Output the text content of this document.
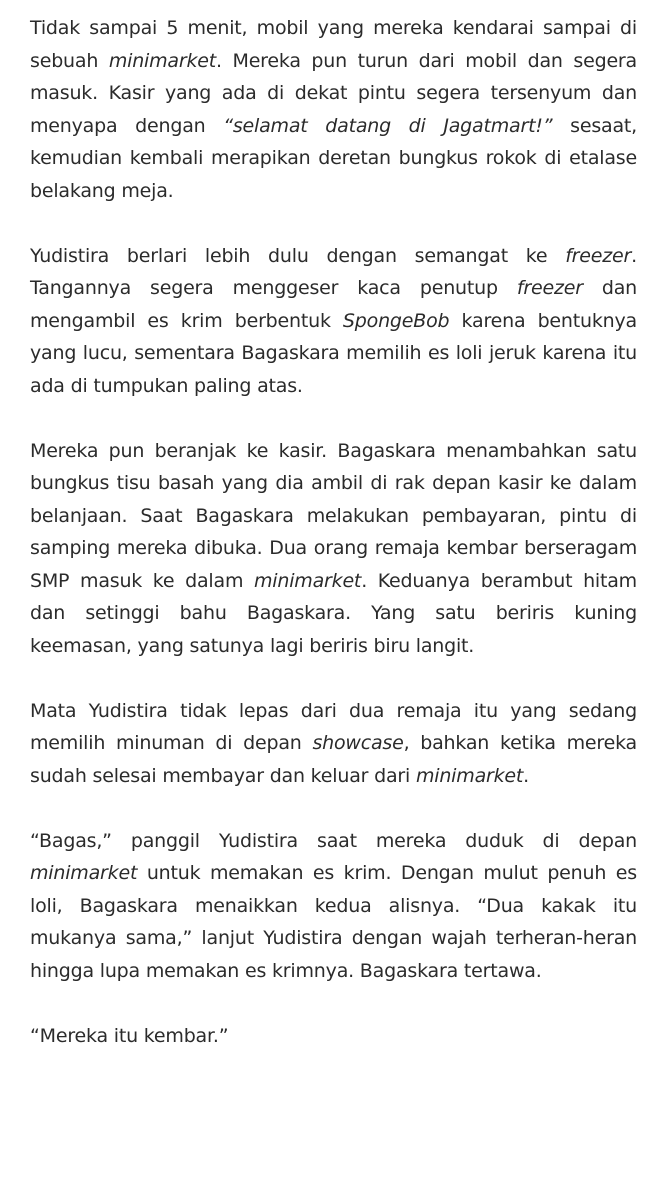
Tidak sampai 5 menit, mobil yang mereka kendarai sampai di sebuah minimarket. Mereka pun turun dari mobil dan segera masuk. Kasir yang ada di dekat pintu segera tersenyum dan menyapa dengan “selamat datang di Jagatmart!” sesaat, kemudian kembali merapikan deretan bungkus rokok di etalase belakang meja.

Yudistira berlari lebih dulu dengan semangat ke freezer. Tangannya segera menggeser kaca penutup freezer dan mengambil es krim berbentuk SpongeBob karena bentuknya yang lucu, sementara Bagaskara memilih es loli jeruk karena itu ada di tumpukan paling atas.

Mereka pun beranjak ke kasir. Bagaskara menambahkan satu bungkus tisu basah yang dia ambil di rak depan kasir ke dalam belanjaan. Saat Bagaskara melakukan pembayaran, pintu di samping mereka dibuka. Dua orang remaja kembar berseragam SMP masuk ke dalam minimarket. Keduanya berambut hitam dan setinggi bahu Bagaskara. Yang satu beriris kuning keemasan, yang satunya lagi beriris biru langit.

Mata Yudistira tidak lepas dari dua remaja itu yang sedang memilih minuman di depan showcase, bahkan ketika mereka sudah selesai membayar dan keluar dari minimarket.

“Bagas,” panggil Yudistira saat mereka duduk di depan minimarket untuk memakan es krim. Dengan mulut penuh es loli, Bagaskara menaikkan kedua alisnya. “Dua kakak itu mukanya sama,” lanjut Yudistira dengan wajah terheran-heran hingga lupa memakan es krimnya. Bagaskara tertawa.

“Mereka itu kembar.”
